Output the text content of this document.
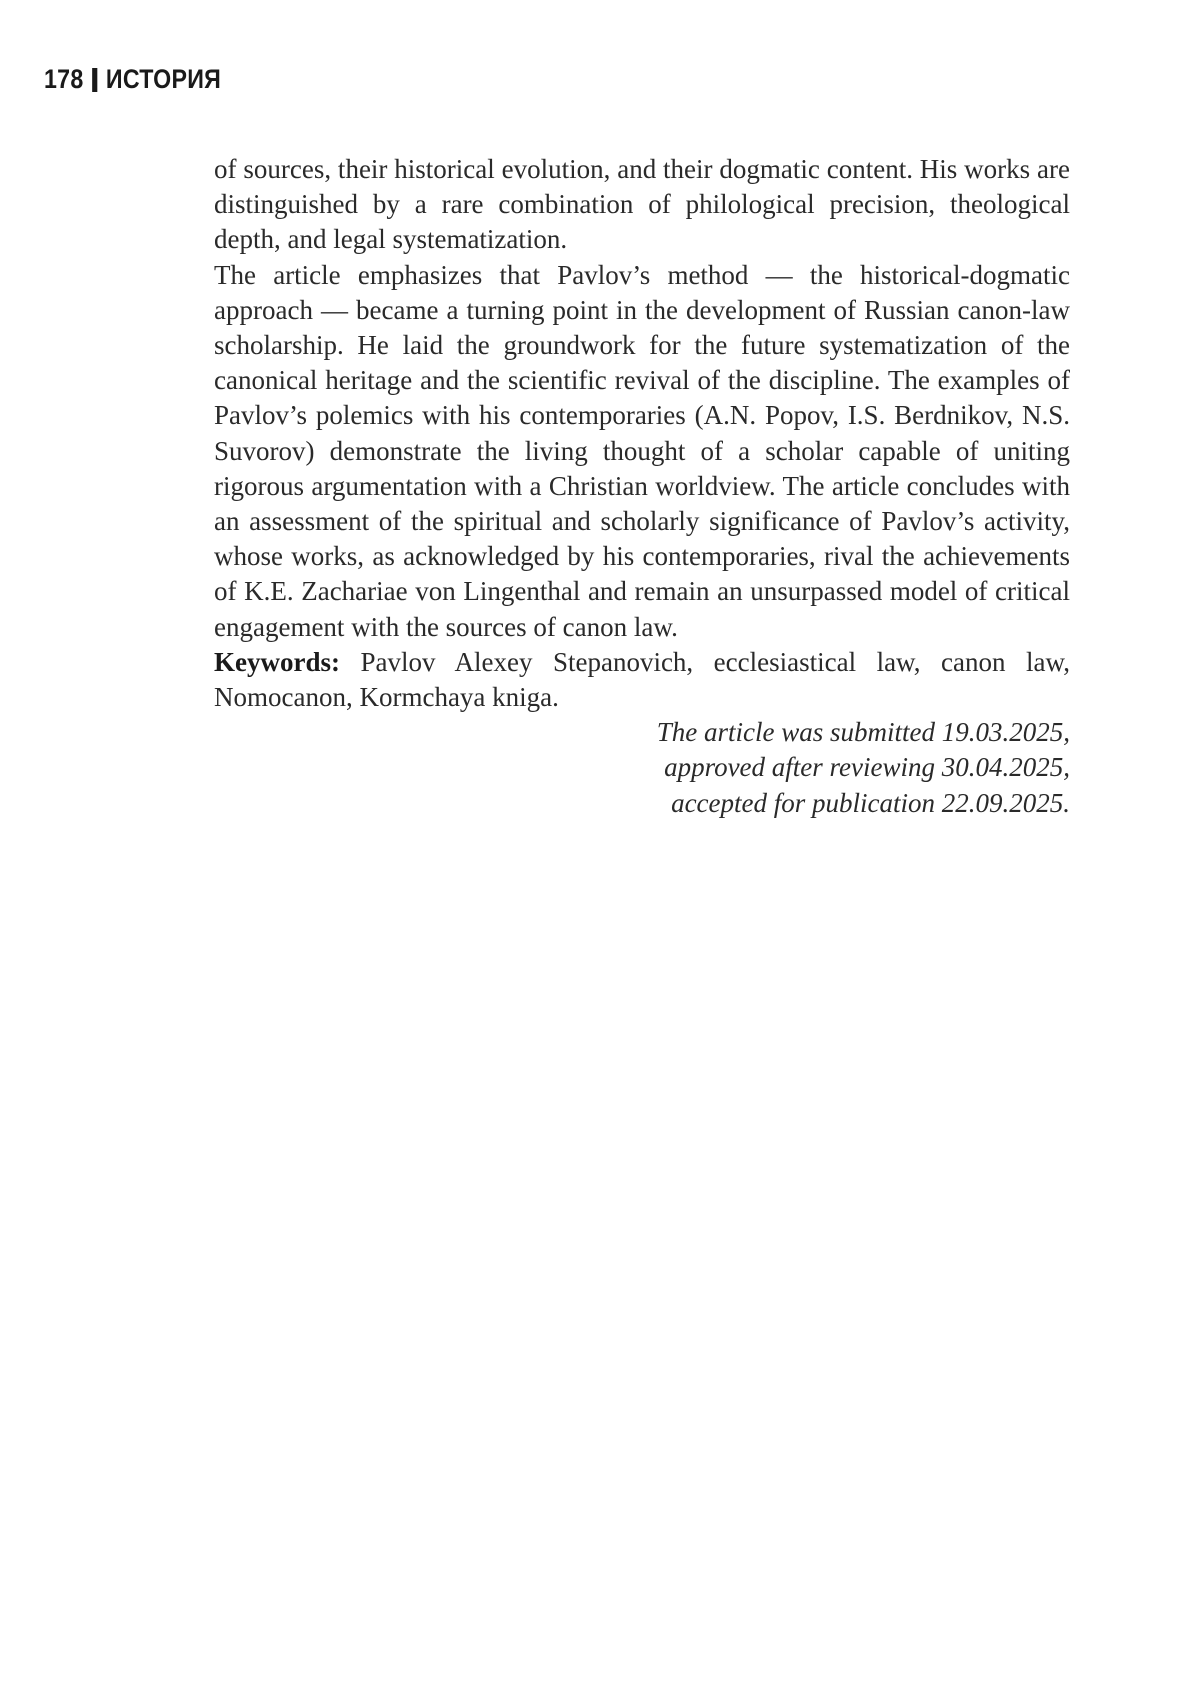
178 ИСТОРИЯ

of sources, their historical evolution, and their dogmatic content. His works are distinguished by a rare combination of philological precision, theological depth, and legal systematization.

The article emphasizes that Pavlov’s method — the historical-dogmatic approach — became a turning point in the development of Russian canon-law scholarship. He laid the groundwork for the future systematization of the canonical heritage and the scientific revival of the discipline. The examples of Pavlov’s polemics with his contemporaries (A.N. Popov, I.S. Berdnikov, N.S. Suvorov) demonstrate the living thought of a scholar capable of uniting rigorous argumentation with a Christian worldview. The article concludes with an assessment of the spiritual and scholarly significance of Pavlov’s activity, whose works, as acknowledged by his contemporaries, rival the achievements of K.E. Zachariae von Lingenthal and remain an unsurpassed model of critical engagement with the sources of canon law.

Keywords: Pavlov Alexey Stepanovich, ecclesiastical law, canon law, Nomocanon, Kormchaya kniga.

The article was submitted 19.03.2025,
approved after reviewing 30.04.2025,
accepted for publication 22.09.2025.
